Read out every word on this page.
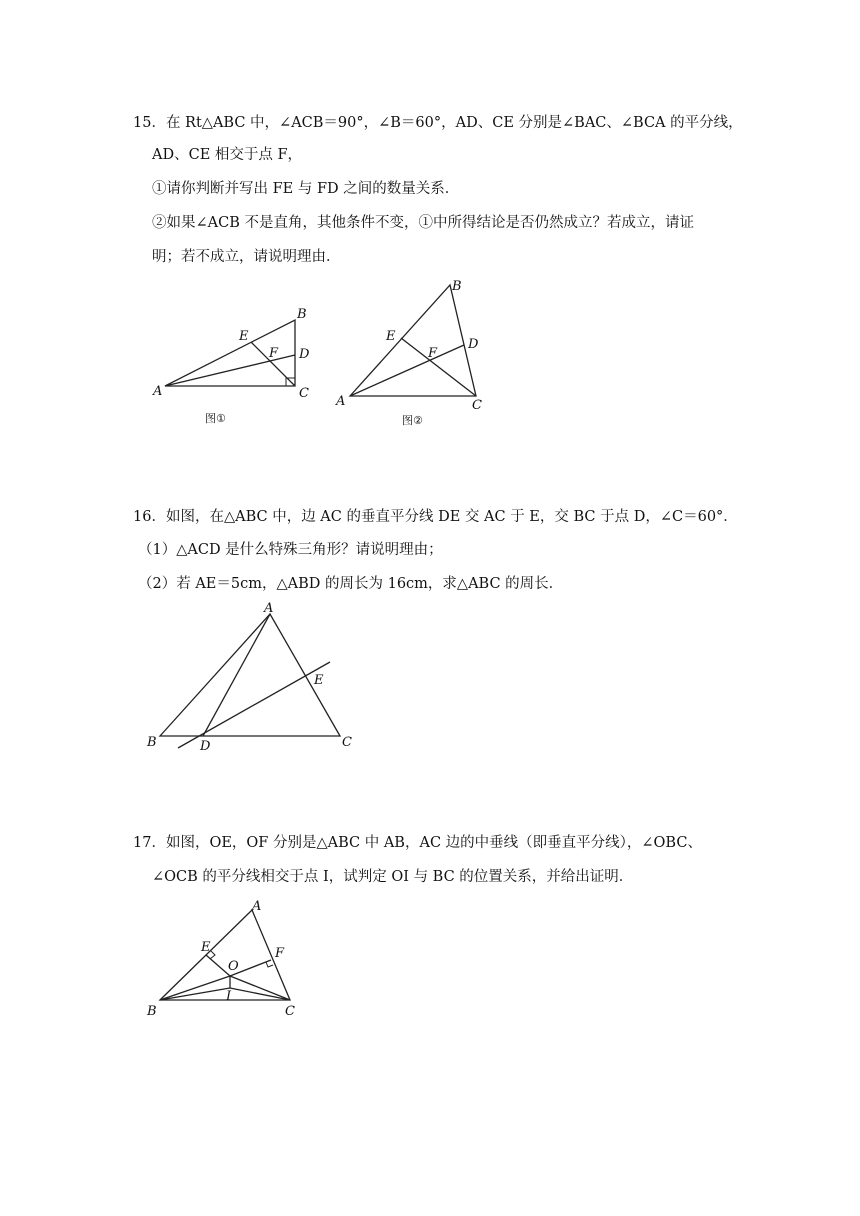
15．在 Rt△ABC 中，∠ACB＝90°，∠B＝60°，AD、CE 分别是∠BAC、∠BCA 的平分线，
AD、CE 相交于点 F，
①请你判断并写出 FE 与 FD 之间的数量关系．
②如果∠ACB 不是直角，其他条件不变，①中所得结论是否仍然成立？若成立，请证
明；若不成立，请说明理由．
A
B
C
D
E
F
图①
A
B
C
D
E
F
图②
16．如图，在△ABC 中，边 AC 的垂直平分线 DE 交 AC 于 E，交 BC 于点 D，∠C＝60°．
（1）△ACD 是什么特殊三角形？请说明理由；
（2）若 AE＝5cm，△ABD 的周长为 16cm，求△ABC 的周长．
B
A
C
D
E
17．如图，OE，OF 分别是△ABC 中 AB，AC 边的中垂线（即垂直平分线），∠OBC、
∠OCB 的平分线相交于点 I，试判定 OI 与 BC 的位置关系，并给出证明．
B
A
C
E	F
O
I
